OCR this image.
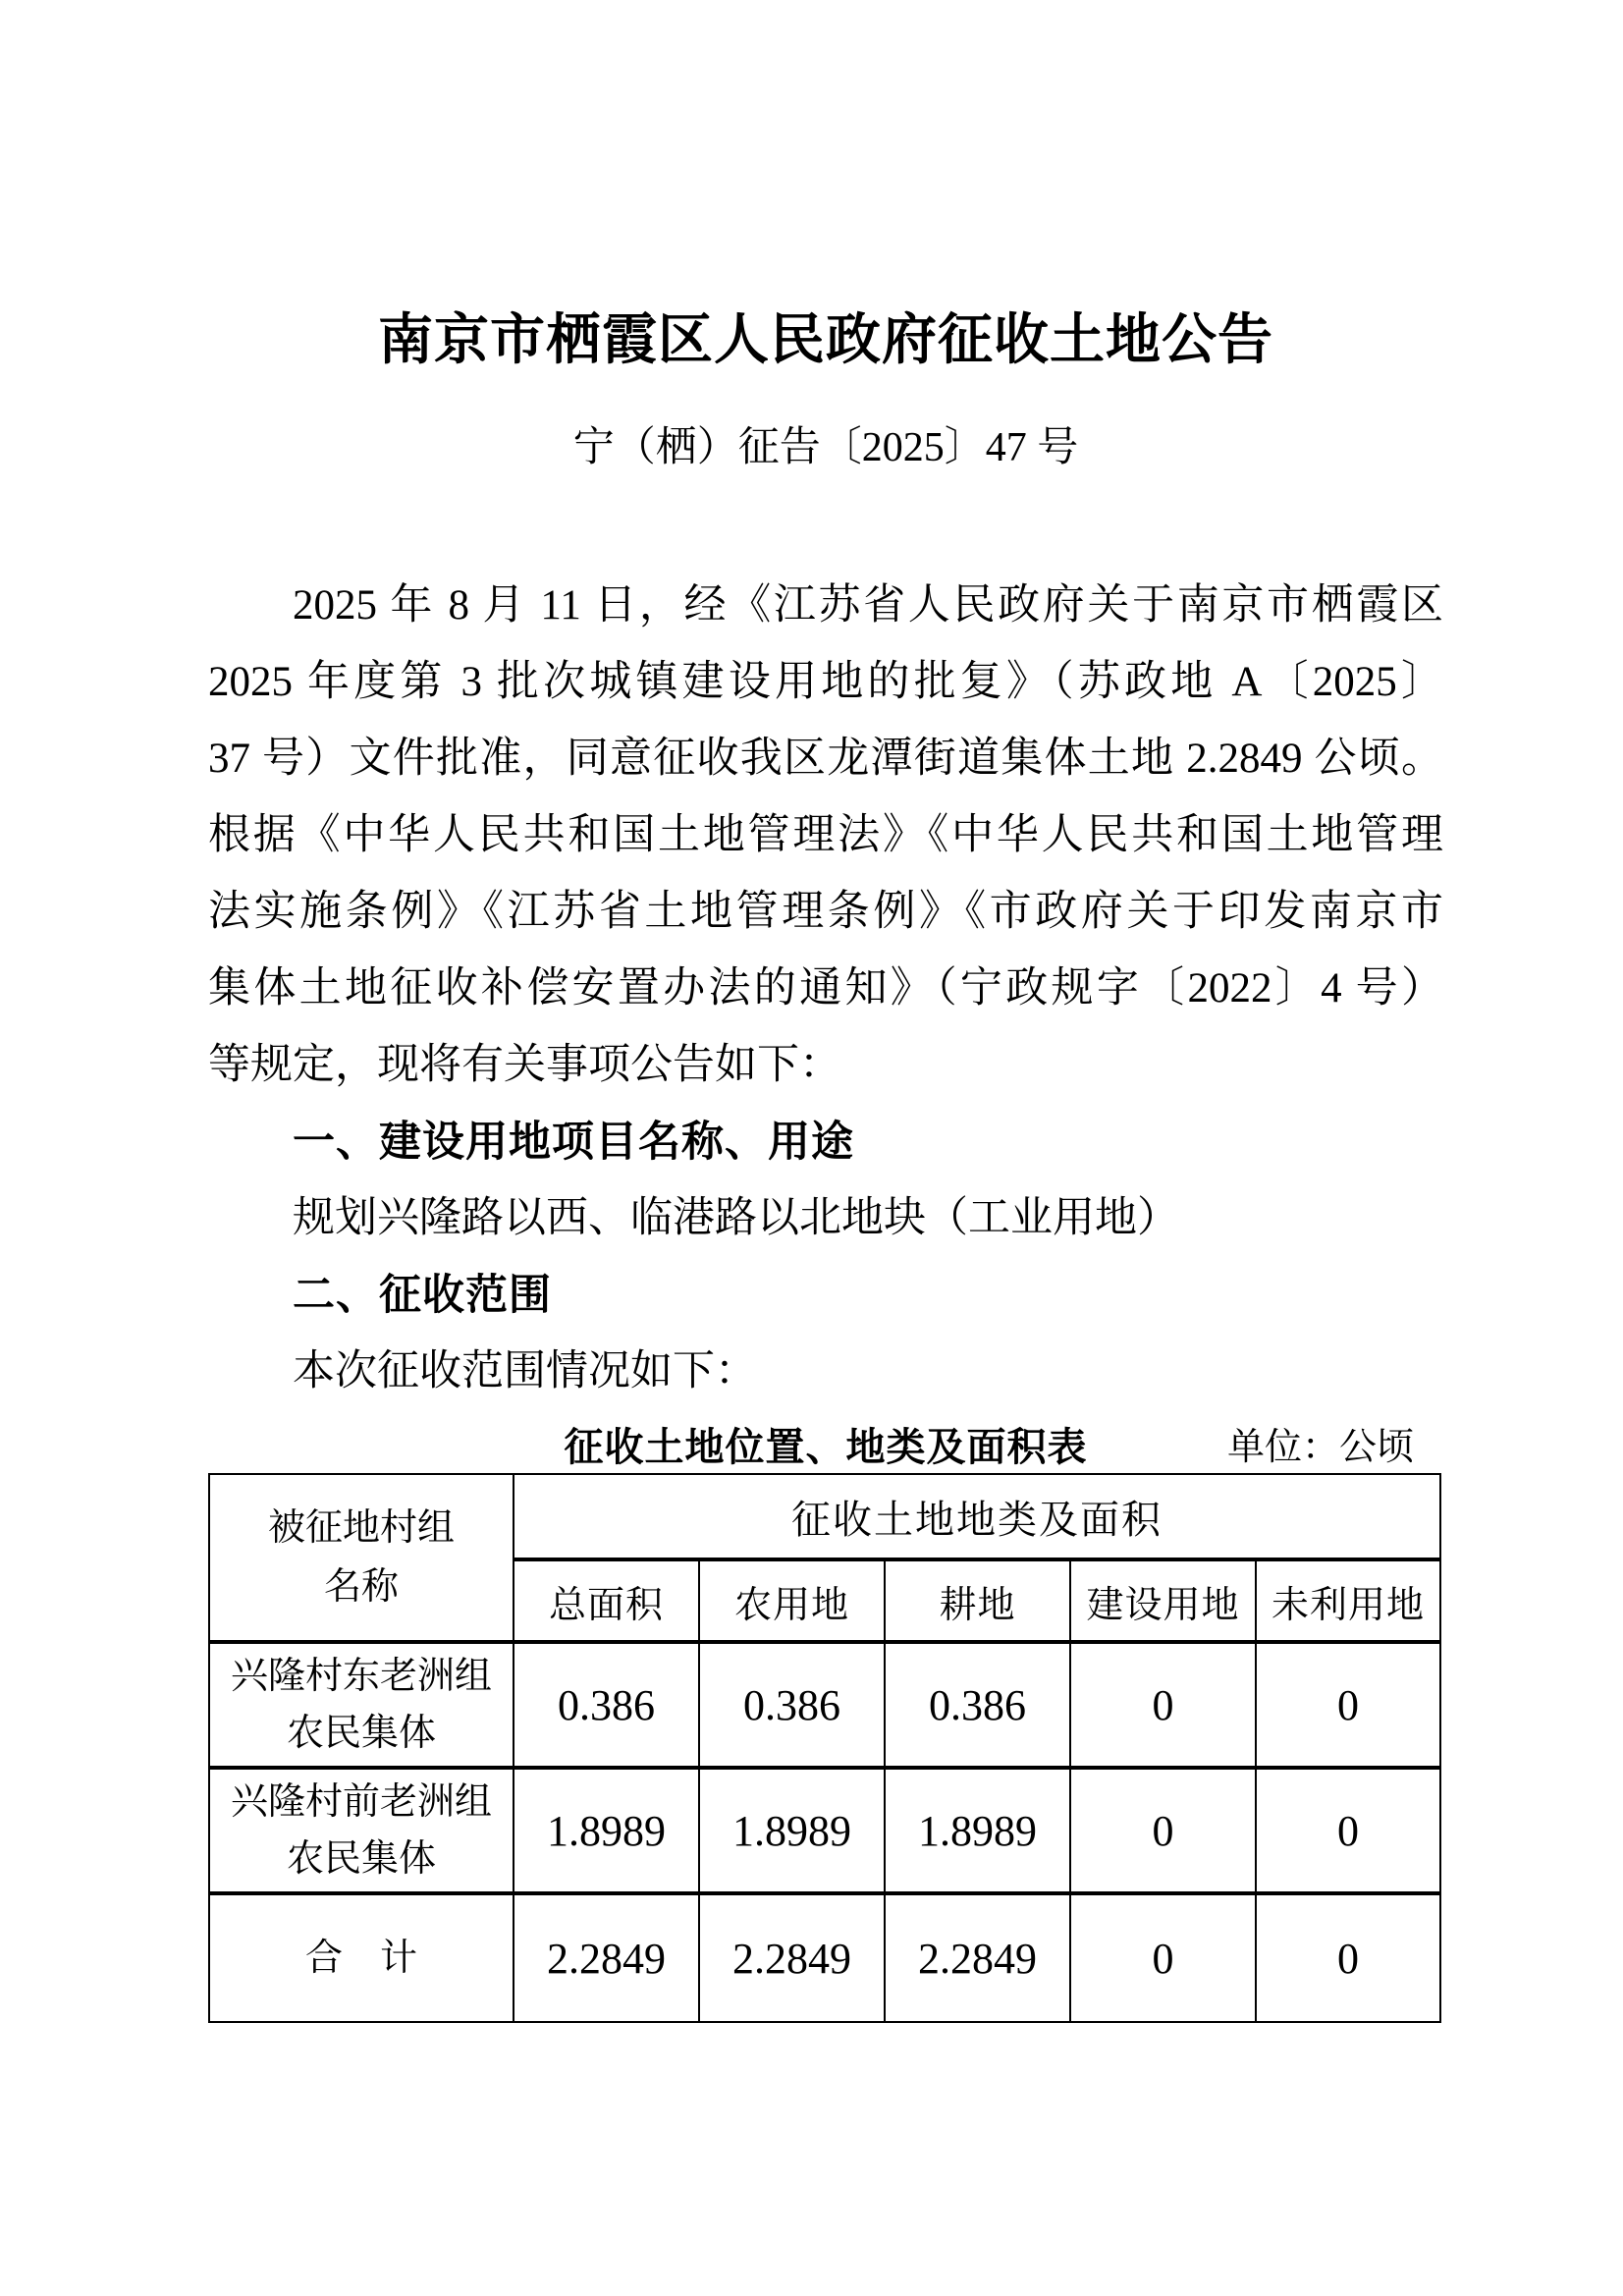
南京市栖霞区人民政府征收土地公告
宁（栖）征告〔2025〕47 号
2025 年 8 月 11 日，经《江苏省人民政府关于南京市栖霞区
2025 年度第 3 批次城镇建设用地的批复》（苏政地 A〔2025〕
37 号）文件批准，同意征收我区龙潭街道集体土地 2.2849 公顷。
根据《中华人民共和国土地管理法》《中华人民共和国土地管理
法实施条例》《江苏省土地管理条例》《市政府关于印发南京市
集体土地征收补偿安置办法的通知》（宁政规字〔2022〕4 号）
等规定，现将有关事项公告如下：
一、建设用地项目名称、用途
规划兴隆路以西、临港路以北地块（工业用地）
二、征收范围
本次征收范围情况如下：
征收土地位置、地类及面积表	单位：公顷
被征地村组
名称	征收土地地类及面积				
	总面积	农用地	耕地	建设用地	未利用地

兴隆村东老洲组
农民集体	0.386	0.386	0.386	0	0

兴隆村前老洲组
农民集体	1.8989	1.8989	1.8989	0	0
合　计	2.2849	2.2849	2.2849	0	0
